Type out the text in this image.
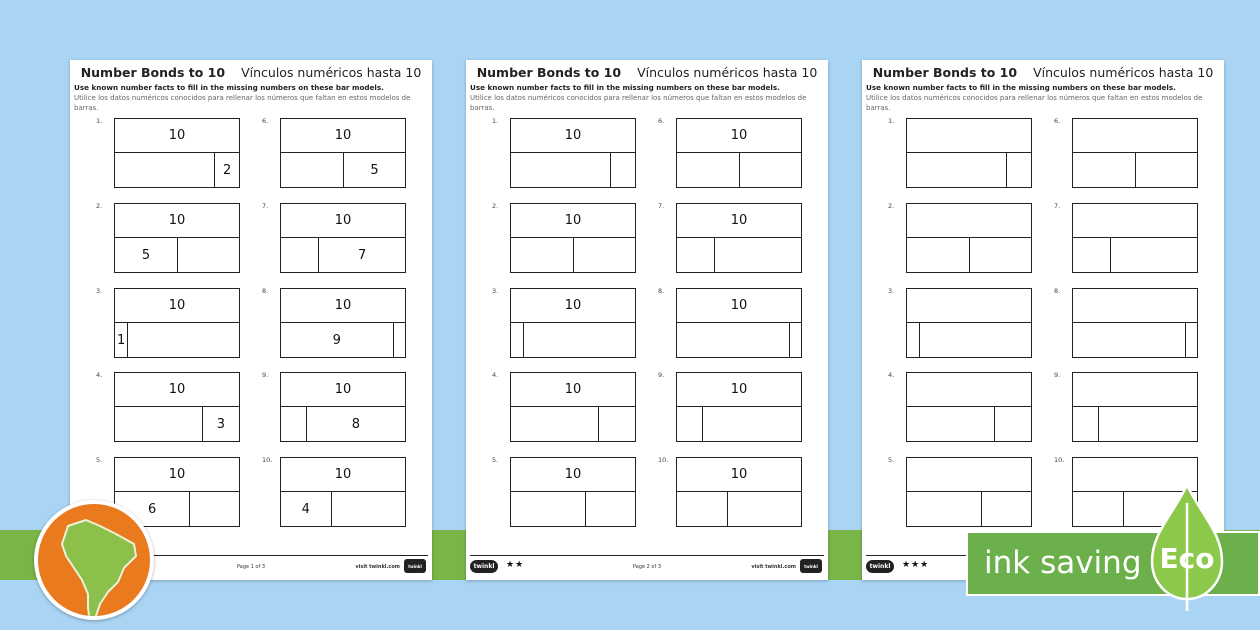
Number Bonds to 10 Vínculos numéricos hasta 10
Use known number facts to fill in the missing numbers on these bar models.
Utilice los datos numéricos conocidos para rellenar los números que faltan en estos modelos de barras.
1.
10
2
2.
10
5
3.
10
1
4.
10
3
5.
10
6
6.
10
5
7.
10
7
8.
10
9
9.
10
8
10.
10
4
Page 1 of 3	visit twinkl.com	twinkl
Number Bonds to 10 Vínculos numéricos hasta 10
Use known number facts to fill in the missing numbers on these bar models.
Utilice los datos numéricos conocidos para rellenar los números que faltan en estos modelos de barras.
1.
10
2.
10
3.
10
4.
10
5.
10
6.
10
7.
10
8.
10
9.
10
10.
10
twinkl	★★	Page 2 of 3	visit twinkl.com	twinkl
Number Bonds to 10 Vínculos numéricos hasta 10
Use known number facts to fill in the missing numbers on these bar models.
Utilice los datos numéricos conocidos para rellenar los números que faltan en estos modelos de barras.
1.
2.
3.
4.
5.
6.
7.
8.
9.
10.
twinkl	★★★ ink saving Eco
